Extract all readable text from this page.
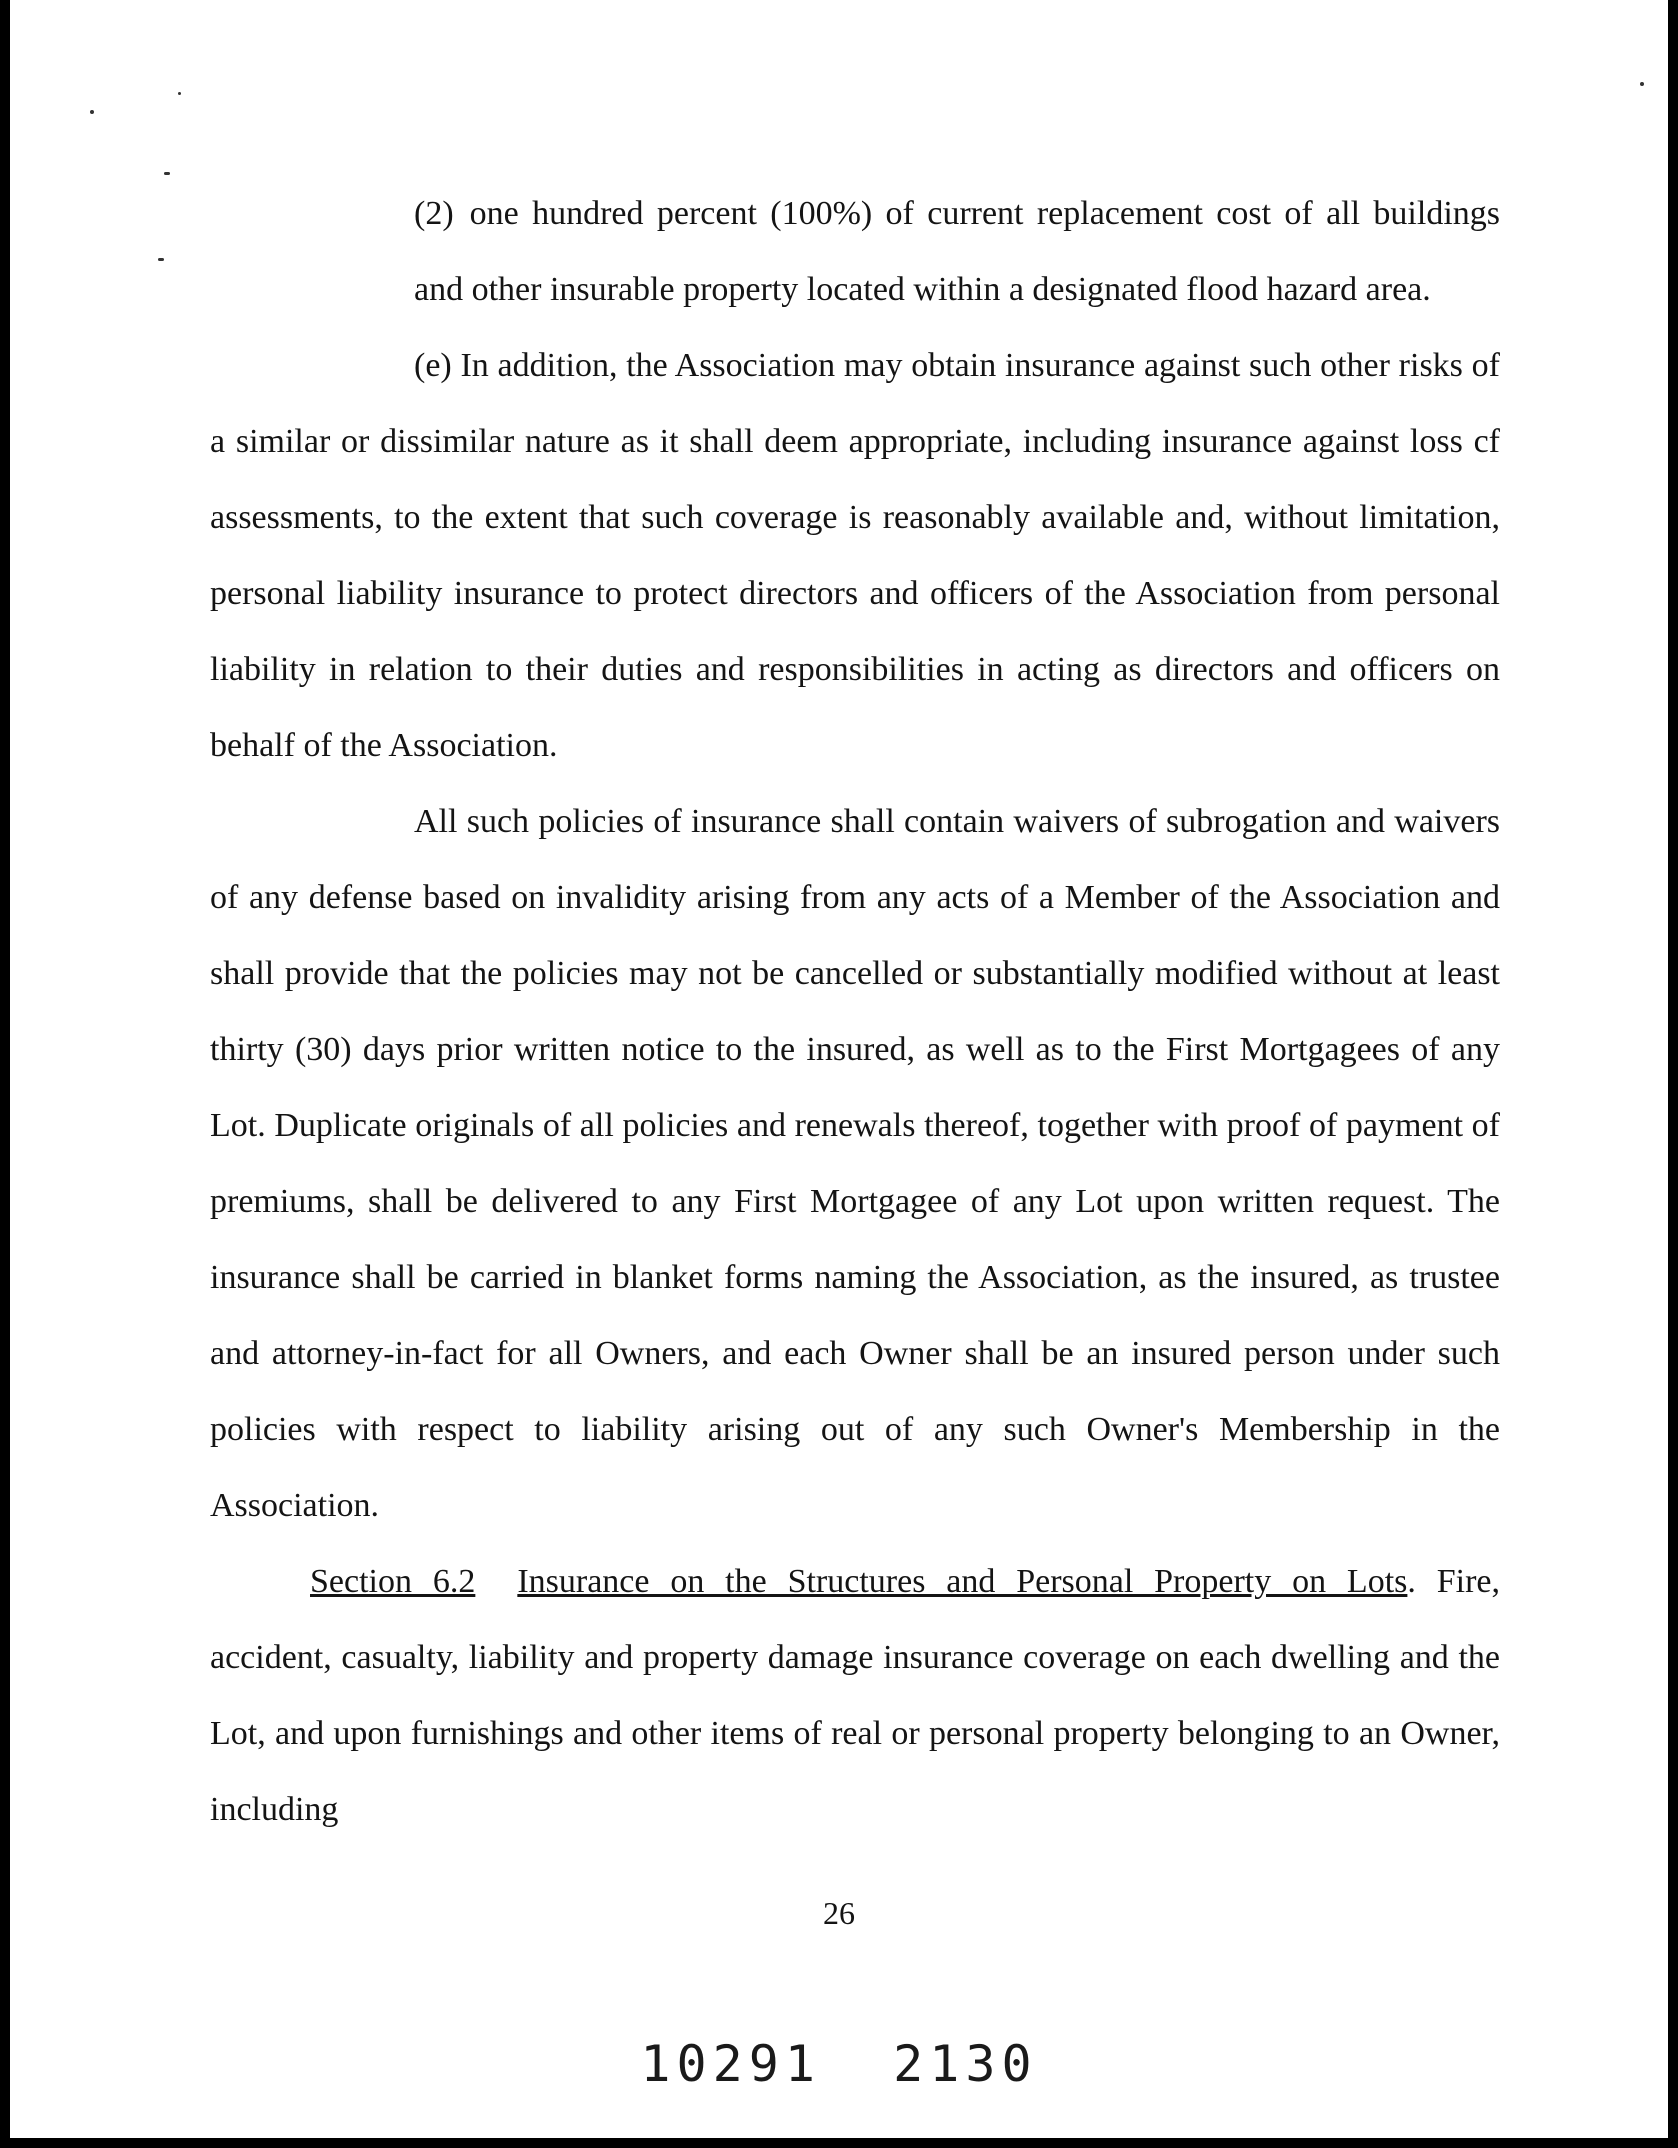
(2) one hundred percent (100%) of current replacement cost of all buildings and other insurable property located within a designated flood hazard area.

(e) In addition, the Association may obtain insurance against such other risks of a similar or dissimilar nature as it shall deem appropriate, including insurance against loss cf assessments, to the extent that such coverage is reasonably available and, without limitation, personal liability insurance to protect directors and officers of the Association from personal liability in relation to their duties and responsibilities in acting as directors and officers on behalf of the Association.

All such policies of insurance shall contain waivers of subrogation and waivers of any defense based on invalidity arising from any acts of a Member of the Association and shall provide that the policies may not be cancelled or substantially modified without at least thirty (30) days prior written notice to the insured, as well as to the First Mortgagees of any Lot. Duplicate originals of all policies and renewals thereof, together with proof of payment of premiums, shall be delivered to any First Mortgagee of any Lot upon written request. The insurance shall be carried in blanket forms naming the Association, as the insured, as trustee and attorney-in-fact for all Owners, and each Owner shall be an insured person under such policies with respect to liability arising out of any such Owner's Membership in the Association.

Section 6.2 Insurance on the Structures and Personal Property on Lots. Fire, accident, casualty, liability and property damage insurance coverage on each dwelling and the Lot, and upon furnishings and other items of real or personal property belonging to an Owner, including

26
10291  2130
